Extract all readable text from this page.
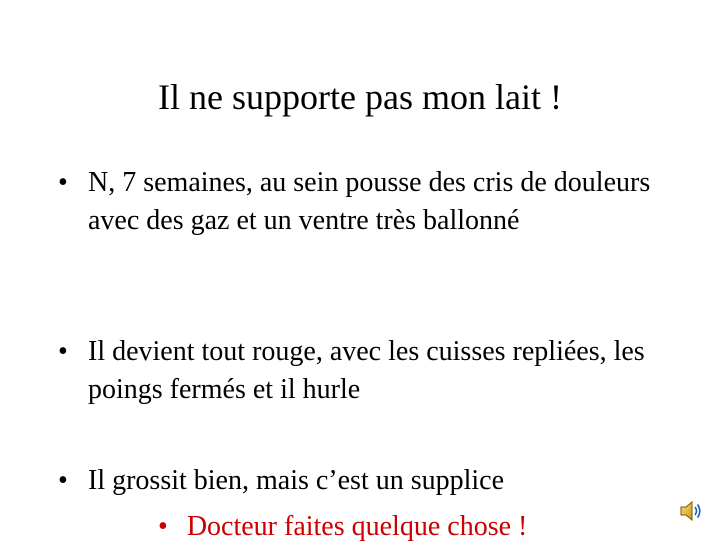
Il ne supporte pas mon lait !
• N, 7 semaines, au sein pousse des cris de douleurs avec des gaz et un ventre très ballonné
• Il devient tout rouge, avec les cuisses repliées, les poings fermés et il hurle
• Il grossit bien, mais c’est un supplice
• Docteur faites quelque chose !
